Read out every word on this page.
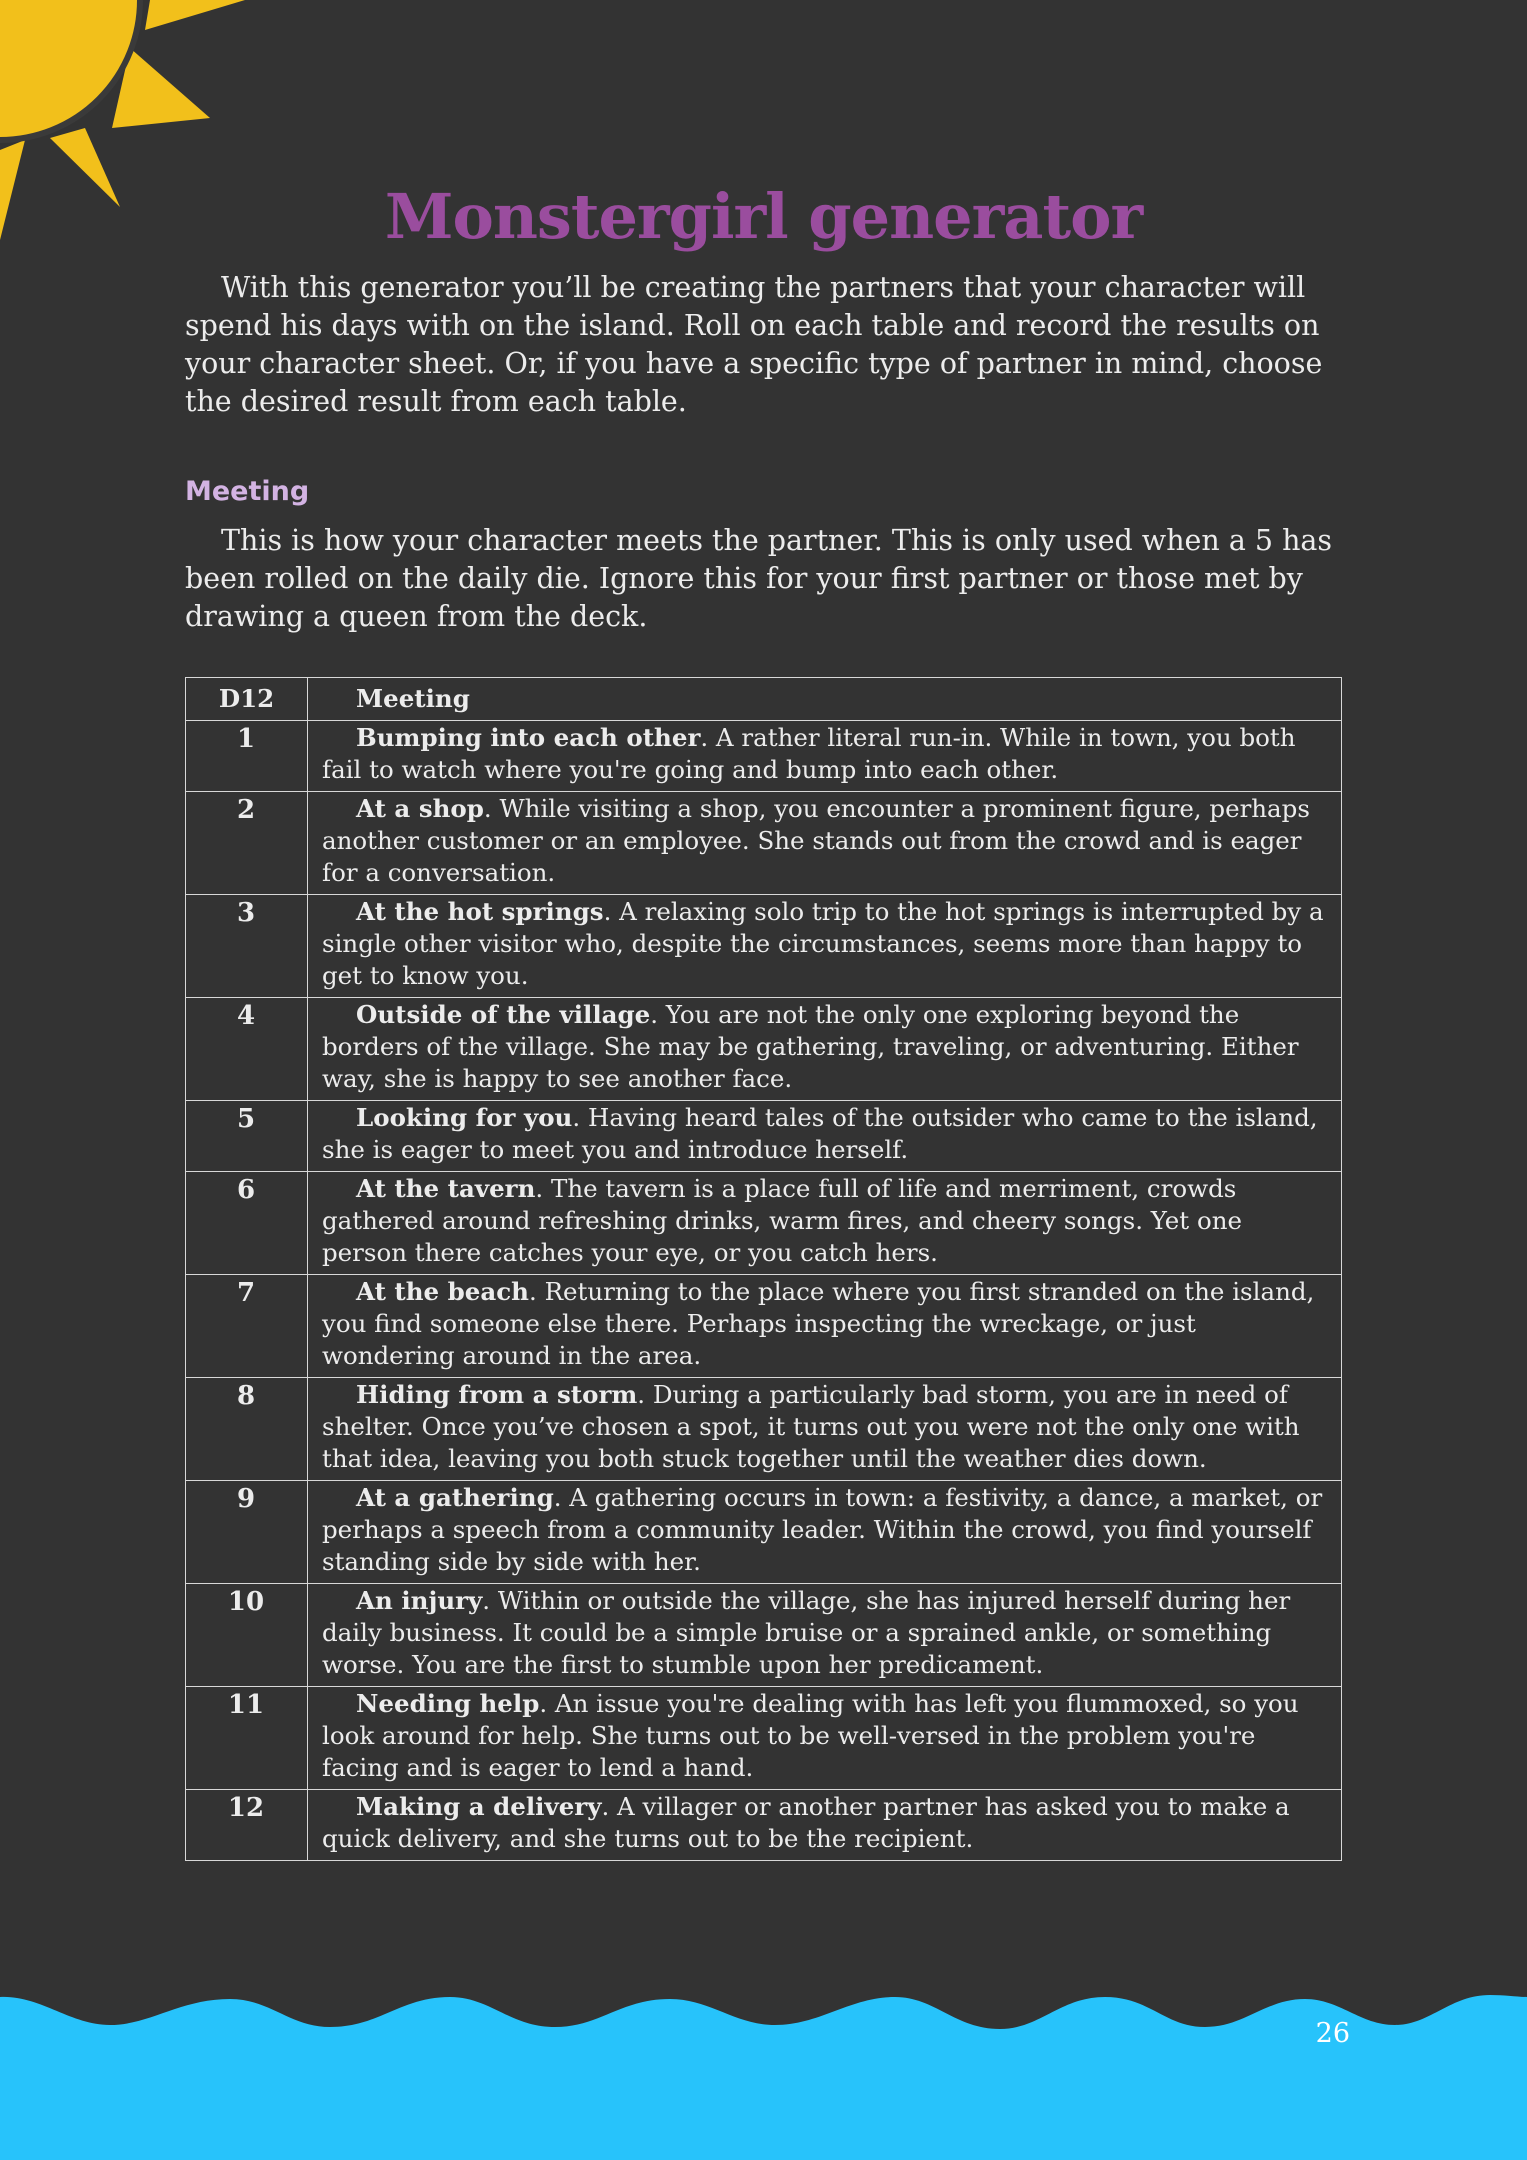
Monstergirl generator

With this generator you’ll be creating the partners that your character will spend his days with on the island. Roll on each table and record the results on your character sheet. Or, if you have a specific type of partner in mind, choose the desired result from each table.

Meeting

This is how your character meets the partner. This is only used when a 5 has been rolled on the daily die. Ignore this for your first partner or those met by drawing a queen from the deck.

D12	Meeting
1	Bumping into each other. A rather literal run-in. While in town, you both fail to watch where you're going and bump into each other.

2	At a shop. While visiting a shop, you encounter a prominent figure, perhaps another customer or an employee. She stands out from the crowd and is eager for a conversation.

3	At the hot springs. A relaxing solo trip to the hot springs is interrupted by a single other visitor who, despite the circumstances, seems more than happy to get to know you.

4	Outside of the village. You are not the only one exploring beyond the borders of the village. She may be gathering, traveling, or adventuring. Either way, she is happy to see another face.

5	Looking for you. Having heard tales of the outsider who came to the island, she is eager to meet you and introduce herself.

6	At the tavern. The tavern is a place full of life and merriment, crowds gathered around refreshing drinks, warm fires, and cheery songs. Yet one person there catches your eye, or you catch hers.

7	At the beach. Returning to the place where you first stranded on the island, you find someone else there. Perhaps inspecting the wreckage, or just wondering around in the area.

8	Hiding from a storm. During a particularly bad storm, you are in need of shelter. Once you’ve chosen a spot, it turns out you were not the only one with that idea, leaving you both stuck together until the weather dies down.

9	At a gathering. A gathering occurs in town: a festivity, a dance, a market, or perhaps a speech from a community leader. Within the crowd, you find yourself standing side by side with her.

10	An injury. Within or outside the village, she has injured herself during her daily business. It could be a simple bruise or a sprained ankle, or something worse. You are the first to stumble upon her predicament.

11	Needing help. An issue you're dealing with has left you flummoxed, so you look around for help. She turns out to be well-versed in the problem you're facing and is eager to lend a hand.

12	Making a delivery. A villager or another partner has asked you to make a quick delivery, and she turns out to be the recipient.

26
